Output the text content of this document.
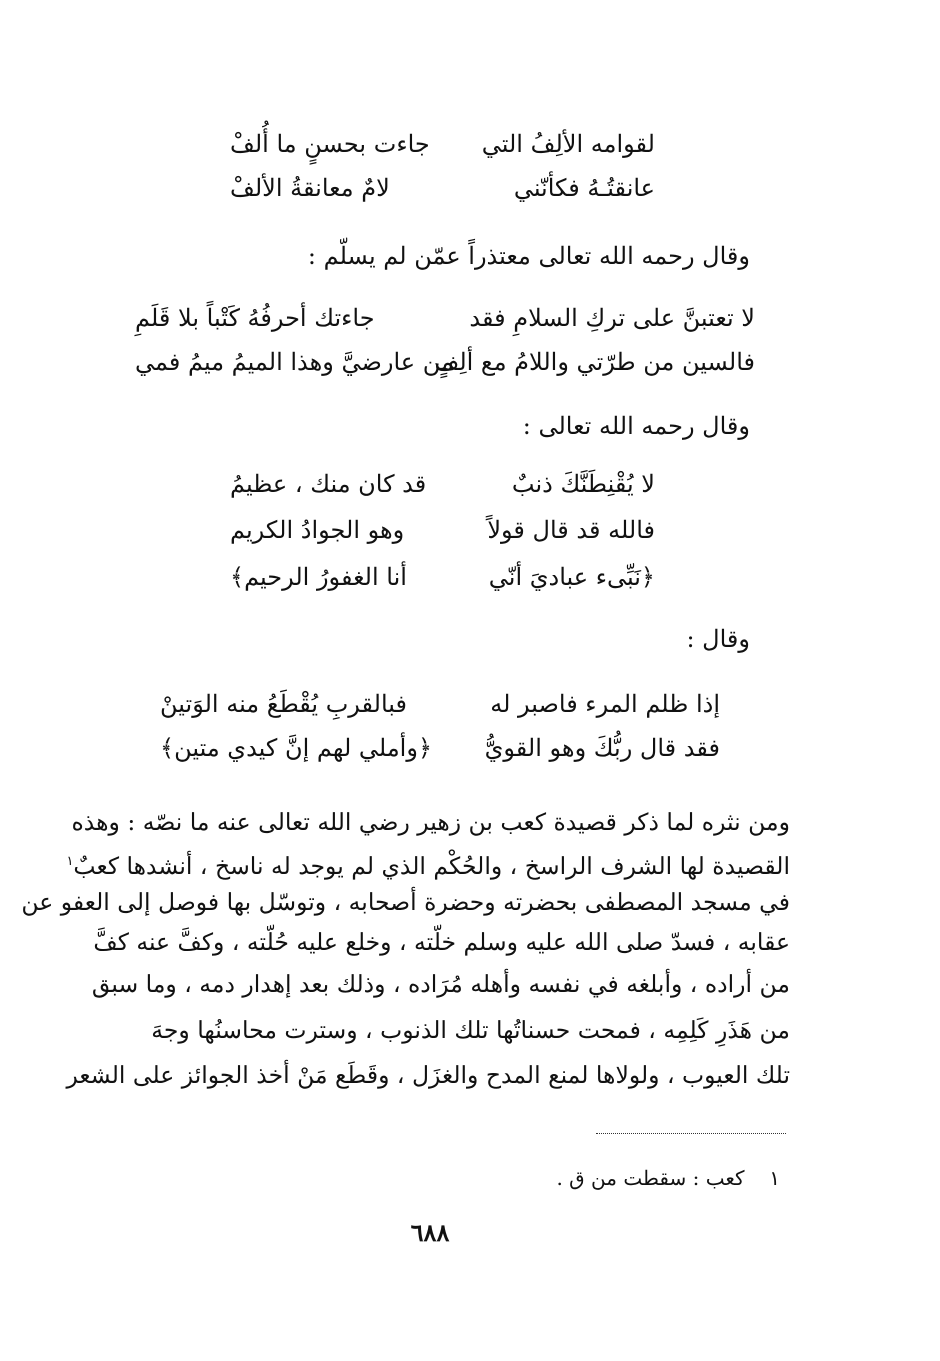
لقوامه الألِفُ التي
جاءت بحسنٍ ما أُلفْ
عانقتُـهُ فكأنّني
لامٌ معانقةُ الألفْ
وقال رحمه الله تعالى معتذراً عمّن لم يسلّم :
لا تعتبنَّ على تركِ السلامِ فقد
جاءتك أحرفُهُ كَتْباً بلا قَلَمِ
فالسين من طرّتي واللامُ مع ألِفٍ
من عارضيَّ وهذا الميمُ ميمُ فمي
وقال رحمه الله تعالى :
لا يُقْنِطَنَّكَ ذنبٌ
قد كان منك ، عظيمُ
فالله قد قال قولاً
وهو الجوادُ الكريم
﴿نَبِّىء عباديَ أنّي
أنا الغفورُ الرحيم﴾
وقال :
إذا ظلم المرء فاصبر له
فبالقربِ يُقْطَعُ منه الوَتينْ
فقد قال ربُّكَ وهو القويُّ
﴿وأملي لهم إنَّ كيدي متين﴾
ومن نثره لما ذكر قصيدة كعب بن زهير رضي الله تعالى عنه ما نصّه : وهذه
القصيدة لها الشرف الراسخ ، والحُكْم الذي لم يوجد له ناسخ ، أنشدها كعبٌ$^١$
في مسجد المصطفى بحضرته وحضرة أصحابه ، وتوسّل بها فوصل إلى العفو عن
عقابه ، فسدّ صلى الله عليه وسلم خلّته ، وخلع عليه حُلّته ، وكفَّ عنه كفَّ
من أراده ، وأبلغه في نفسه وأهله مُرَاده ، وذلك بعد إهدار دمه ، وما سبق
من هَذَرِ كَلِمِه ، فمحت حسناتُها تلك الذنوب ، وسترت محاسنُها وجهَ
تلك العيوب ، ولولاها لمنع المدح والغزَل ، وقَطَع مَنْ أخذ الجوائز على الشعر
١  كعب : سقطت من ق .
٦٨٨
